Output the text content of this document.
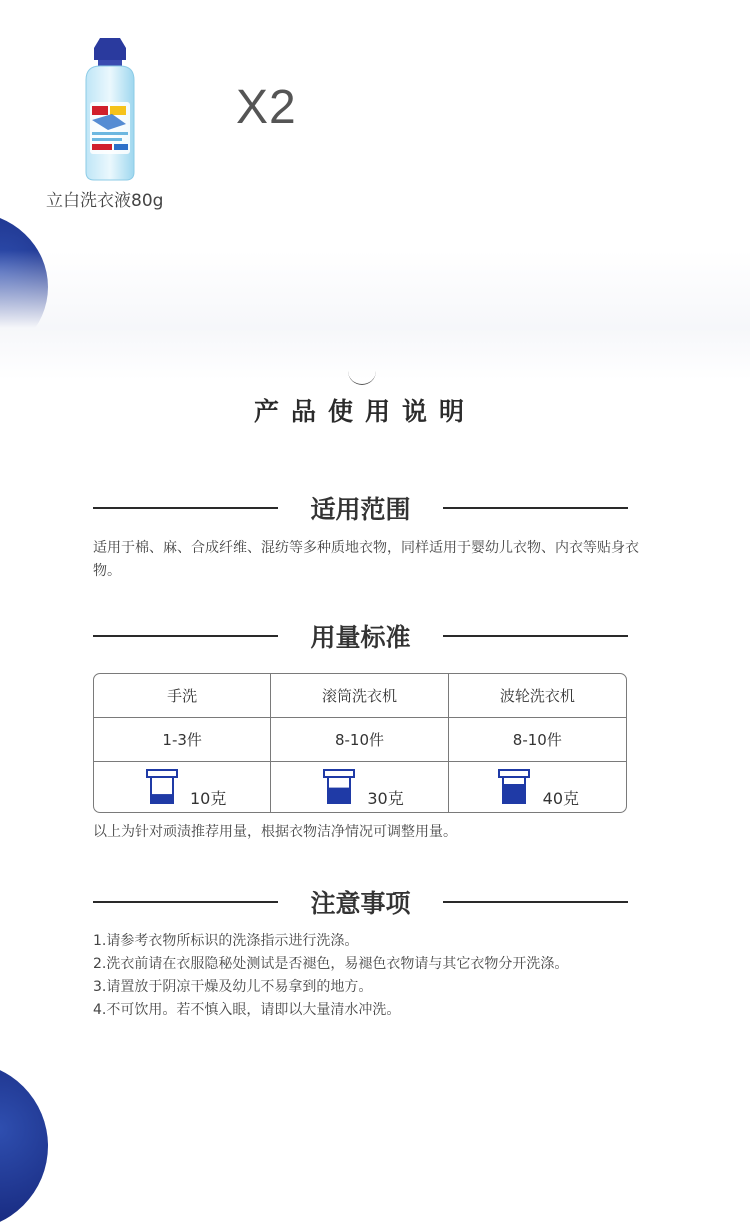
立白洗衣液80g
X2
产品使用说明
适用范围
适用于棉、麻、合成纤维、混纺等多种质地衣物，同样适用于婴幼儿衣物、内衣等贴身衣物。
用量标准
手洗	滚筒洗衣机	波轮洗衣机
1-3件	8-10件	8-10件
10克	30克	40克
以上为针对顽渍推荐用量，根据衣物洁净情况可调整用量。
注意事项
1.请参考衣物所标识的洗涤指示进行洗涤。
2.洗衣前请在衣服隐秘处测试是否褪色，易褪色衣物请与其它衣物分开洗涤。
3.请置放于阴凉干燥及幼儿不易拿到的地方。
4.不可饮用。若不慎入眼，请即以大量清水冲洗。
